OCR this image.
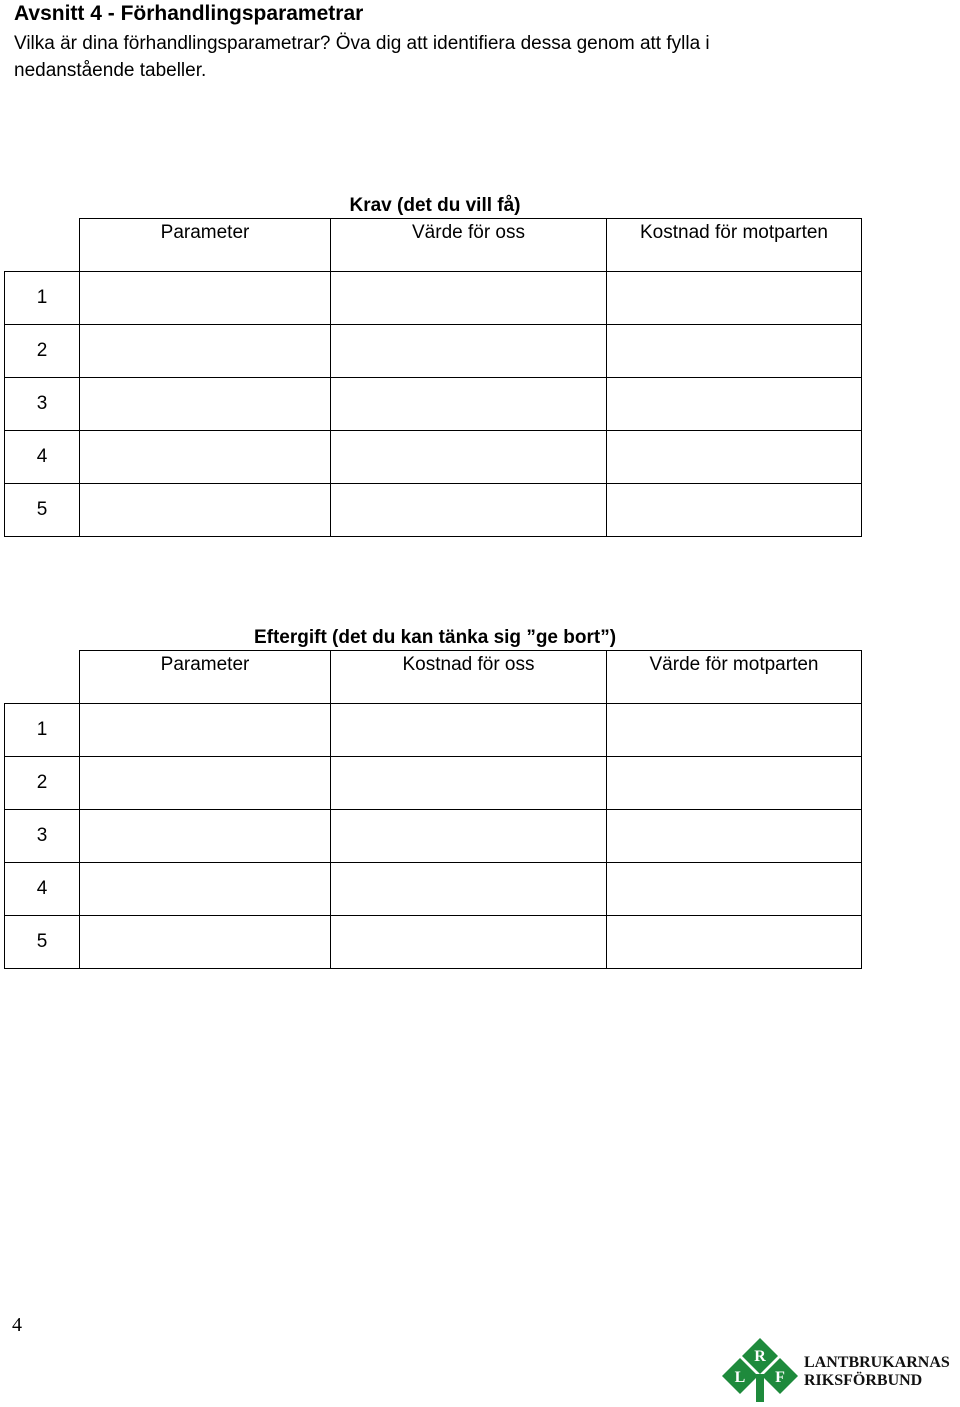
Avsnitt 4 - Förhandlingsparametrar
Vilka är dina förhandlingsparametrar? Öva dig att identifiera dessa genom att fylla i nedanstående tabeller.
Krav (det du vill få)
	Parameter	Värde för oss	Kostnad för motparten
1			
2			
3			
4			
5			
Eftergift (det du kan tänka sig ”ge bort”)
	Parameter	Kostnad för oss	Värde för motparten
1			
2			
3			
4			
5			
4
R
L F
LANTBRUKARNAS
RIKSFÖRBUND
